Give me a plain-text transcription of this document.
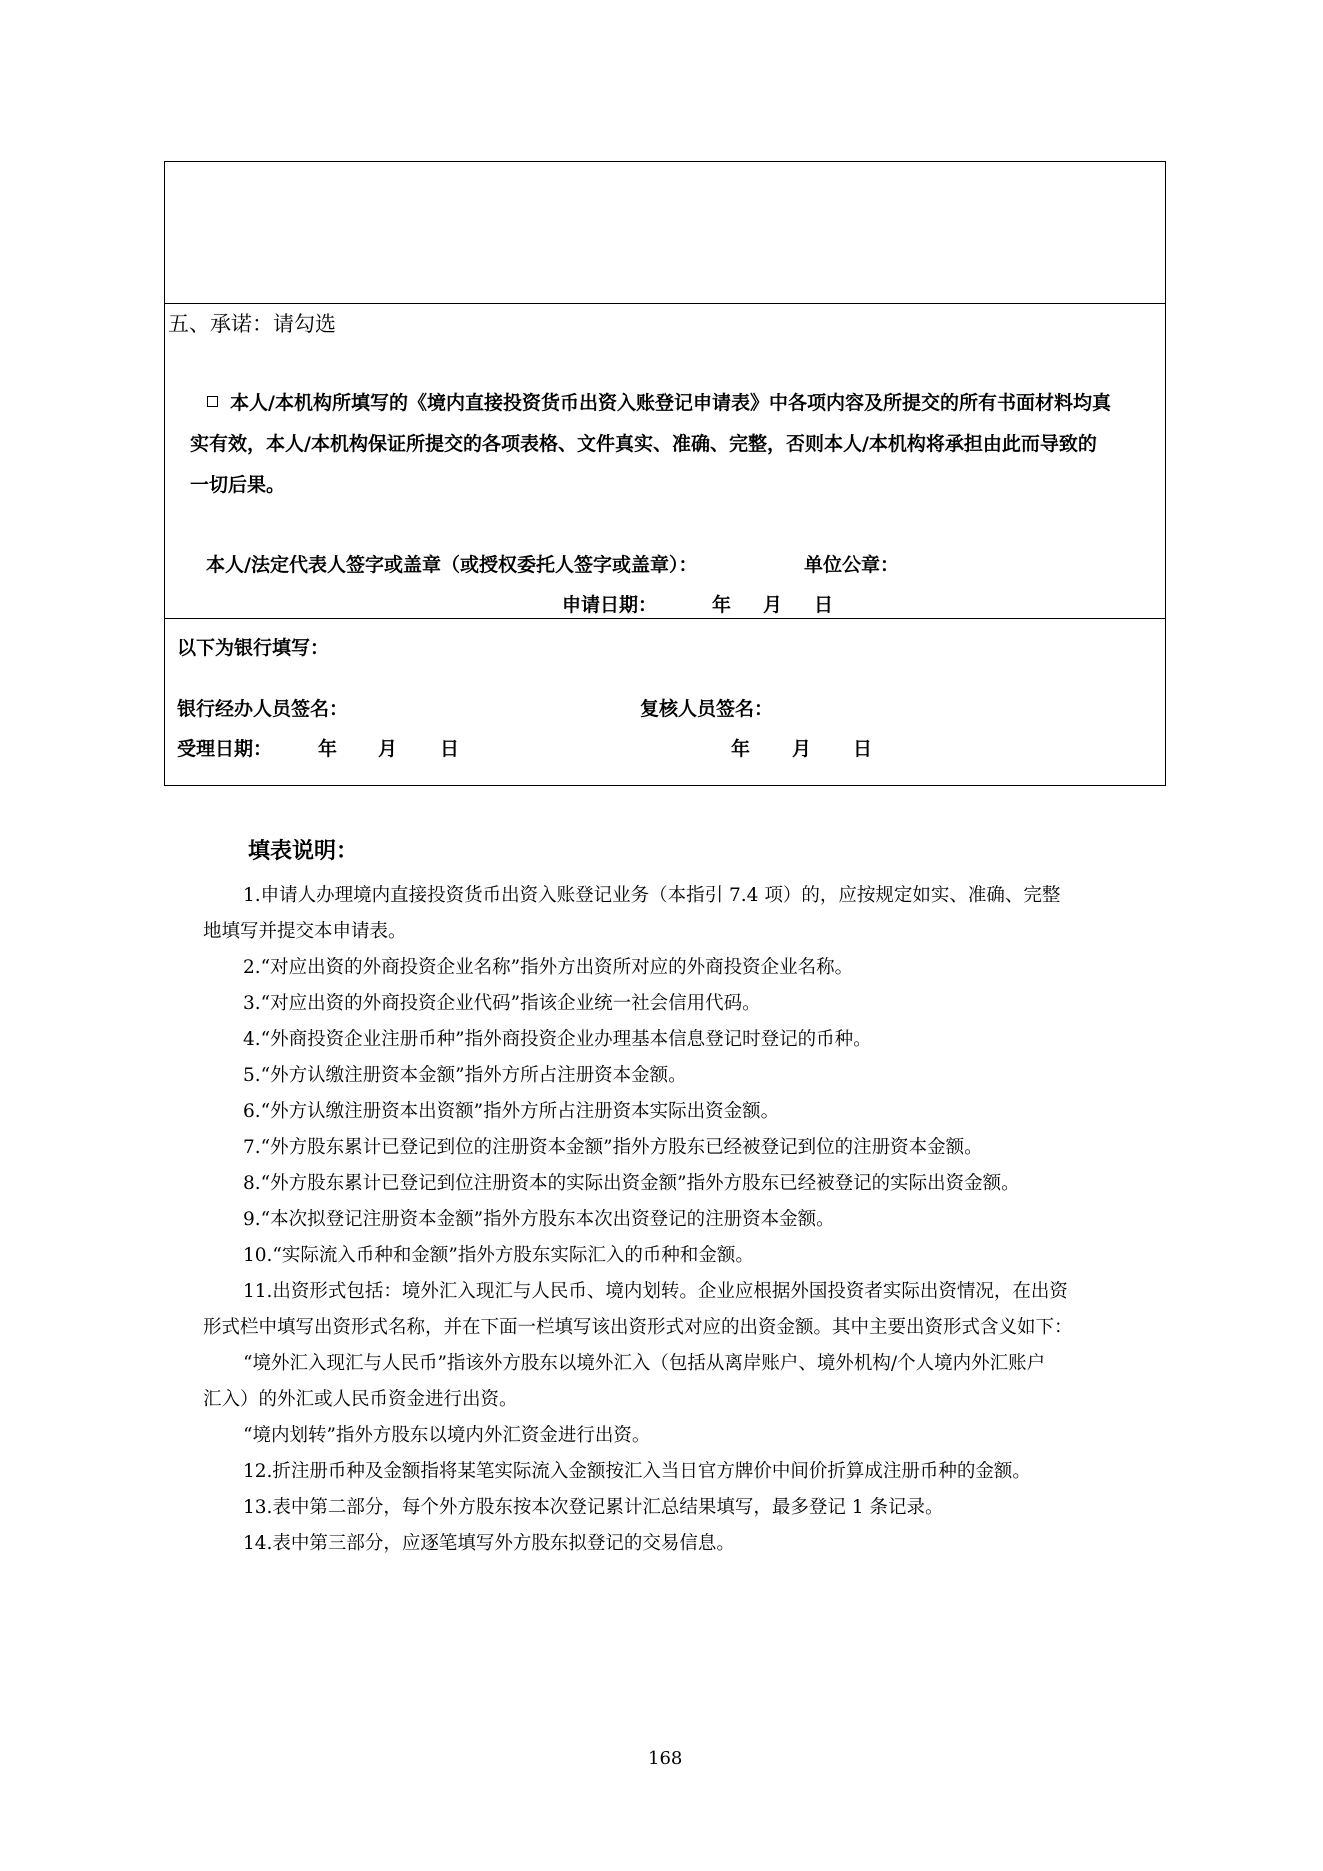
五、承诺：请勾选
本人/本机构所填写的《境内直接投资货币出资入账登记申请表》中各项内容及所提交的所有书面材料均真
实有效，本人/本机构保证所提交的各项表格、文件真实、准确、完整，否则本人/本机构将承担由此而导致的
一切后果。
本人/法定代表人签字或盖章（或授权委托人签字或盖章）：	单位公章：
申请日期：	年 月 日
以下为银行填写：
银行经办人员签名：	复核人员签名：
受理日期： 年 月 日	年 月 日
填表说明：
1.申请人办理境内直接投资货币出资入账登记业务（本指引 7.4 项）的，应按规定如实、准确、完整
地填写并提交本申请表。
2.“对应出资的外商投资企业名称”指外方出资所对应的外商投资企业名称。
3.“对应出资的外商投资企业代码”指该企业统一社会信用代码。
4.“外商投资企业注册币种”指外商投资企业办理基本信息登记时登记的币种。
5.“外方认缴注册资本金额”指外方所占注册资本金额。
6.“外方认缴注册资本出资额”指外方所占注册资本实际出资金额。
7.“外方股东累计已登记到位的注册资本金额”指外方股东已经被登记到位的注册资本金额。
8.“外方股东累计已登记到位注册资本的实际出资金额”指外方股东已经被登记的实际出资金额。
9.“本次拟登记注册资本金额”指外方股东本次出资登记的注册资本金额。
10.“实际流入币种和金额”指外方股东实际汇入的币种和金额。
11.出资形式包括：境外汇入现汇与人民币、境内划转。企业应根据外国投资者实际出资情况，在出资
形式栏中填写出资形式名称，并在下面一栏填写该出资形式对应的出资金额。其中主要出资形式含义如下：
“境外汇入现汇与人民币”指该外方股东以境外汇入（包括从离岸账户、境外机构/个人境内外汇账户
汇入）的外汇或人民币资金进行出资。
“境内划转”指外方股东以境内外汇资金进行出资。
12.折注册币种及金额指将某笔实际流入金额按汇入当日官方牌价中间价折算成注册币种的金额。
13.表中第二部分，每个外方股东按本次登记累计汇总结果填写，最多登记 1 条记录。
14.表中第三部分，应逐笔填写外方股东拟登记的交易信息。
168
